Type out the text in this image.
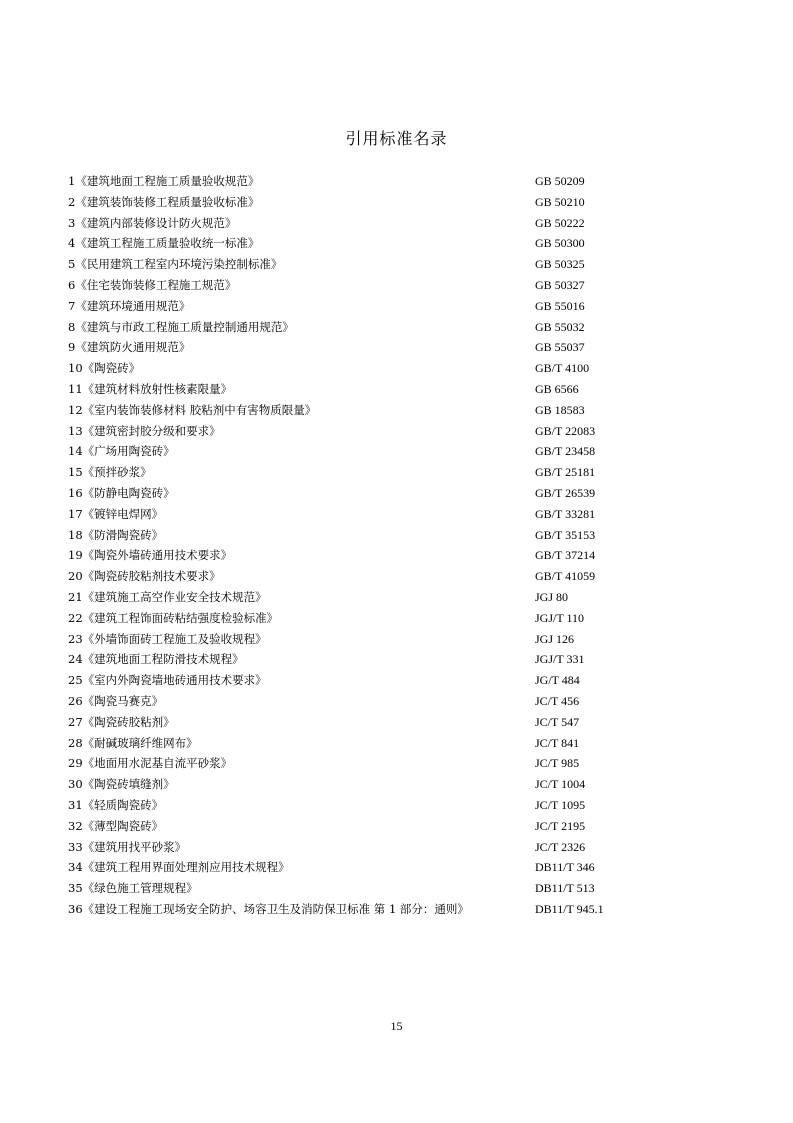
引用标准名录
1《建筑地面工程施工质量验收规范》	GB 50209
2《建筑装饰装修工程质量验收标准》	GB 50210
3《建筑内部装修设计防火规范》	GB 50222
4《建筑工程施工质量验收统一标准》	GB 50300
5《民用建筑工程室内环境污染控制标准》	GB 50325
6《住宅装饰装修工程施工规范》	GB 50327
7《建筑环境通用规范》	GB 55016
8《建筑与市政工程施工质量控制通用规范》	GB 55032
9《建筑防火通用规范》	GB 55037
10《陶瓷砖》	GB/T 4100
11《建筑材料放射性核素限量》	GB 6566
12《室内装饰装修材料 胶粘剂中有害物质限量》	GB 18583
13《建筑密封胶分级和要求》	GB/T 22083
14《广场用陶瓷砖》	GB/T 23458
15《预拌砂浆》	GB/T 25181
16《防静电陶瓷砖》	GB/T 26539
17《镀锌电焊网》	GB/T 33281
18《防滑陶瓷砖》	GB/T 35153
19《陶瓷外墙砖通用技术要求》	GB/T 37214
20《陶瓷砖胶粘剂技术要求》	GB/T 41059
21《建筑施工高空作业安全技术规范》	JGJ 80
22《建筑工程饰面砖粘结强度检验标准》	JGJ/T 110
23《外墙饰面砖工程施工及验收规程》	JGJ 126
24《建筑地面工程防滑技术规程》	JGJ/T 331
25《室内外陶瓷墙地砖通用技术要求》	JG/T 484
26《陶瓷马赛克》	JC/T 456
27《陶瓷砖胶粘剂》	JC/T 547
28《耐碱玻璃纤维网布》	JC/T 841
29《地面用水泥基自流平砂浆》	JC/T 985
30《陶瓷砖填缝剂》	JC/T 1004
31《轻质陶瓷砖》	JC/T 1095
32《薄型陶瓷砖》	JC/T 2195
33《建筑用找平砂浆》	JC/T 2326
34《建筑工程用界面处理剂应用技术规程》	DB11/T 346
35《绿色施工管理规程》	DB11/T 513
36《建设工程施工现场安全防护、场容卫生及消防保卫标准 第 1 部分：通则》	DB11/T 945.1
15
